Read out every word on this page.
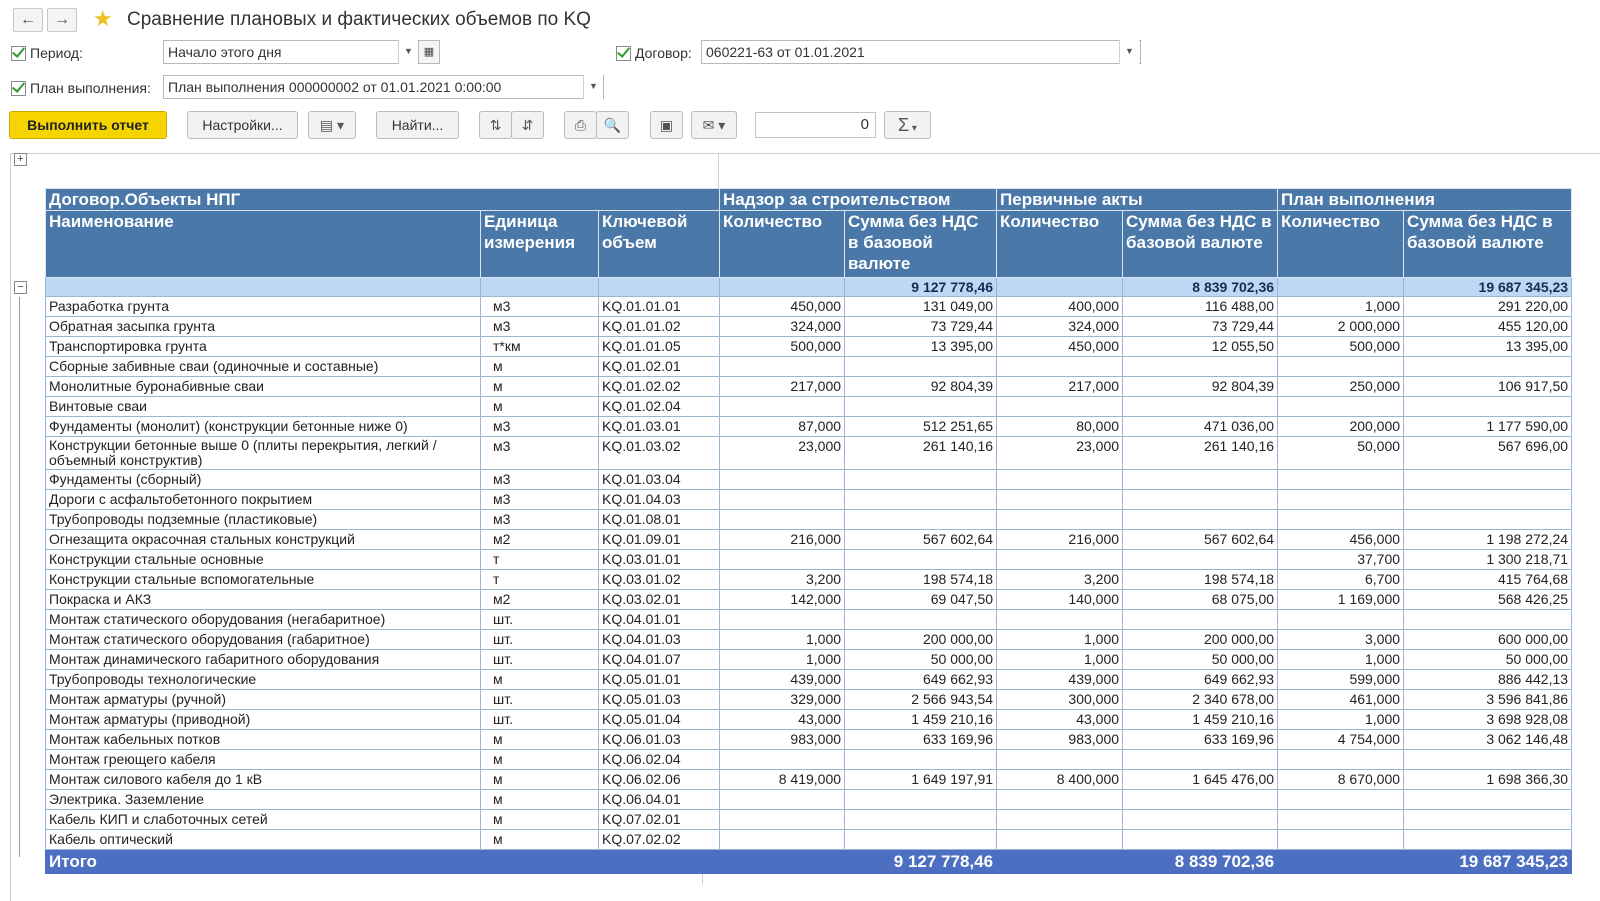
←	→	★ Сравнение плановых и фактических объемов по KQ
Период:	Начало этого дня	▼ ▦	Договор:	060221-63 от 01.01.2021	▼
План выполнения:	План выполнения 000000002 от 01.01.2021 0:00:00	▼
Выполнить отчет	Настройки...	▤ ▾	Найти...	⇅	⇵	⎙	🔍	▣	✉ ▾	0	Σ ▾
+
−
Договор.Объекты НПГ			Надзор за строительством		Первичные акты		План выполнения	
Наименование	Единица измерения	Ключевой объем	Количество	Сумма без НДС в базовой валюте	Количество	Сумма без НДС в базовой валюте	Количество	Сумма без НДС в базовой валюте
				9 127 778,46		8 839 702,36		19 687 345,23
Разработка грунта	м3	KQ.01.01.01	450,000	131 049,00	400,000	116 488,00	1,000	291 220,00
Обратная засыпка грунта	м3	KQ.01.01.02	324,000	73 729,44	324,000	73 729,44	2 000,000	455 120,00
Транспортировка грунта	т*км	KQ.01.01.05	500,000	13 395,00	450,000	12 055,50	500,000	13 395,00
Сборные забивные сваи (одиночные и составные)	м	KQ.01.02.01						
Монолитные буронабивные сваи	м	KQ.01.02.02	217,000	92 804,39	217,000	92 804,39	250,000	106 917,50
Винтовые сваи	м	KQ.01.02.04						
Фундаменты (монолит) (конструкции бетонные ниже 0)	м3	KQ.01.03.01	87,000	512 251,65	80,000	471 036,00	200,000	1 177 590,00
Конструкции бетонные выше 0 (плиты перекрытия, легкий / объемный конструктив)	м3	KQ.01.03.02	23,000	261 140,16	23,000	261 140,16	50,000	567 696,00
Фундаменты (сборный)	м3	KQ.01.03.04						
Дороги с асфальтобетонного покрытием	м3	KQ.01.04.03						
Трубопроводы подземные (пластиковые)	м3	KQ.01.08.01						
Огнезащита окрасочная стальных конструкций	м2	KQ.01.09.01	216,000	567 602,64	216,000	567 602,64	456,000	1 198 272,24
Конструкции стальные основные	т	KQ.03.01.01					37,700	1 300 218,71
Конструкции стальные вспомогательные	т	KQ.03.01.02	3,200	198 574,18	3,200	198 574,18	6,700	415 764,68
Покраска и АКЗ	м2	KQ.03.02.01	142,000	69 047,50	140,000	68 075,00	1 169,000	568 426,25
Монтаж статического оборудования (негабаритное)	шт.	KQ.04.01.01						
Монтаж статического оборудования (габаритное)	шт.	KQ.04.01.03	1,000	200 000,00	1,000	200 000,00	3,000	600 000,00
Монтаж динамического габаритного оборудования	шт.	KQ.04.01.07	1,000	50 000,00	1,000	50 000,00	1,000	50 000,00
Трубопроводы технологические	м	KQ.05.01.01	439,000	649 662,93	439,000	649 662,93	599,000	886 442,13
Монтаж арматуры (ручной)	шт.	KQ.05.01.03	329,000	2 566 943,54	300,000	2 340 678,00	461,000	3 596 841,86
Монтаж арматуры (приводной)	шт.	KQ.05.01.04	43,000	1 459 210,16	43,000	1 459 210,16	1,000	3 698 928,08
Монтаж кабельных потков	м	KQ.06.01.03	983,000	633 169,96	983,000	633 169,96	4 754,000	3 062 146,48
Монтаж греющего кабеля	м	KQ.06.02.04						
Монтаж силового кабеля до 1 кВ	м	KQ.06.02.06	8 419,000	1 649 197,91	8 400,000	1 645 476,00	8 670,000	1 698 366,30
Электрика. Заземление	м	KQ.06.04.01						
Кабель КИП и слаботочных сетей	м	KQ.07.02.01						
Кабель оптический	м	KQ.07.02.02						
Итого				9 127 778,46		8 839 702,36		19 687 345,23
